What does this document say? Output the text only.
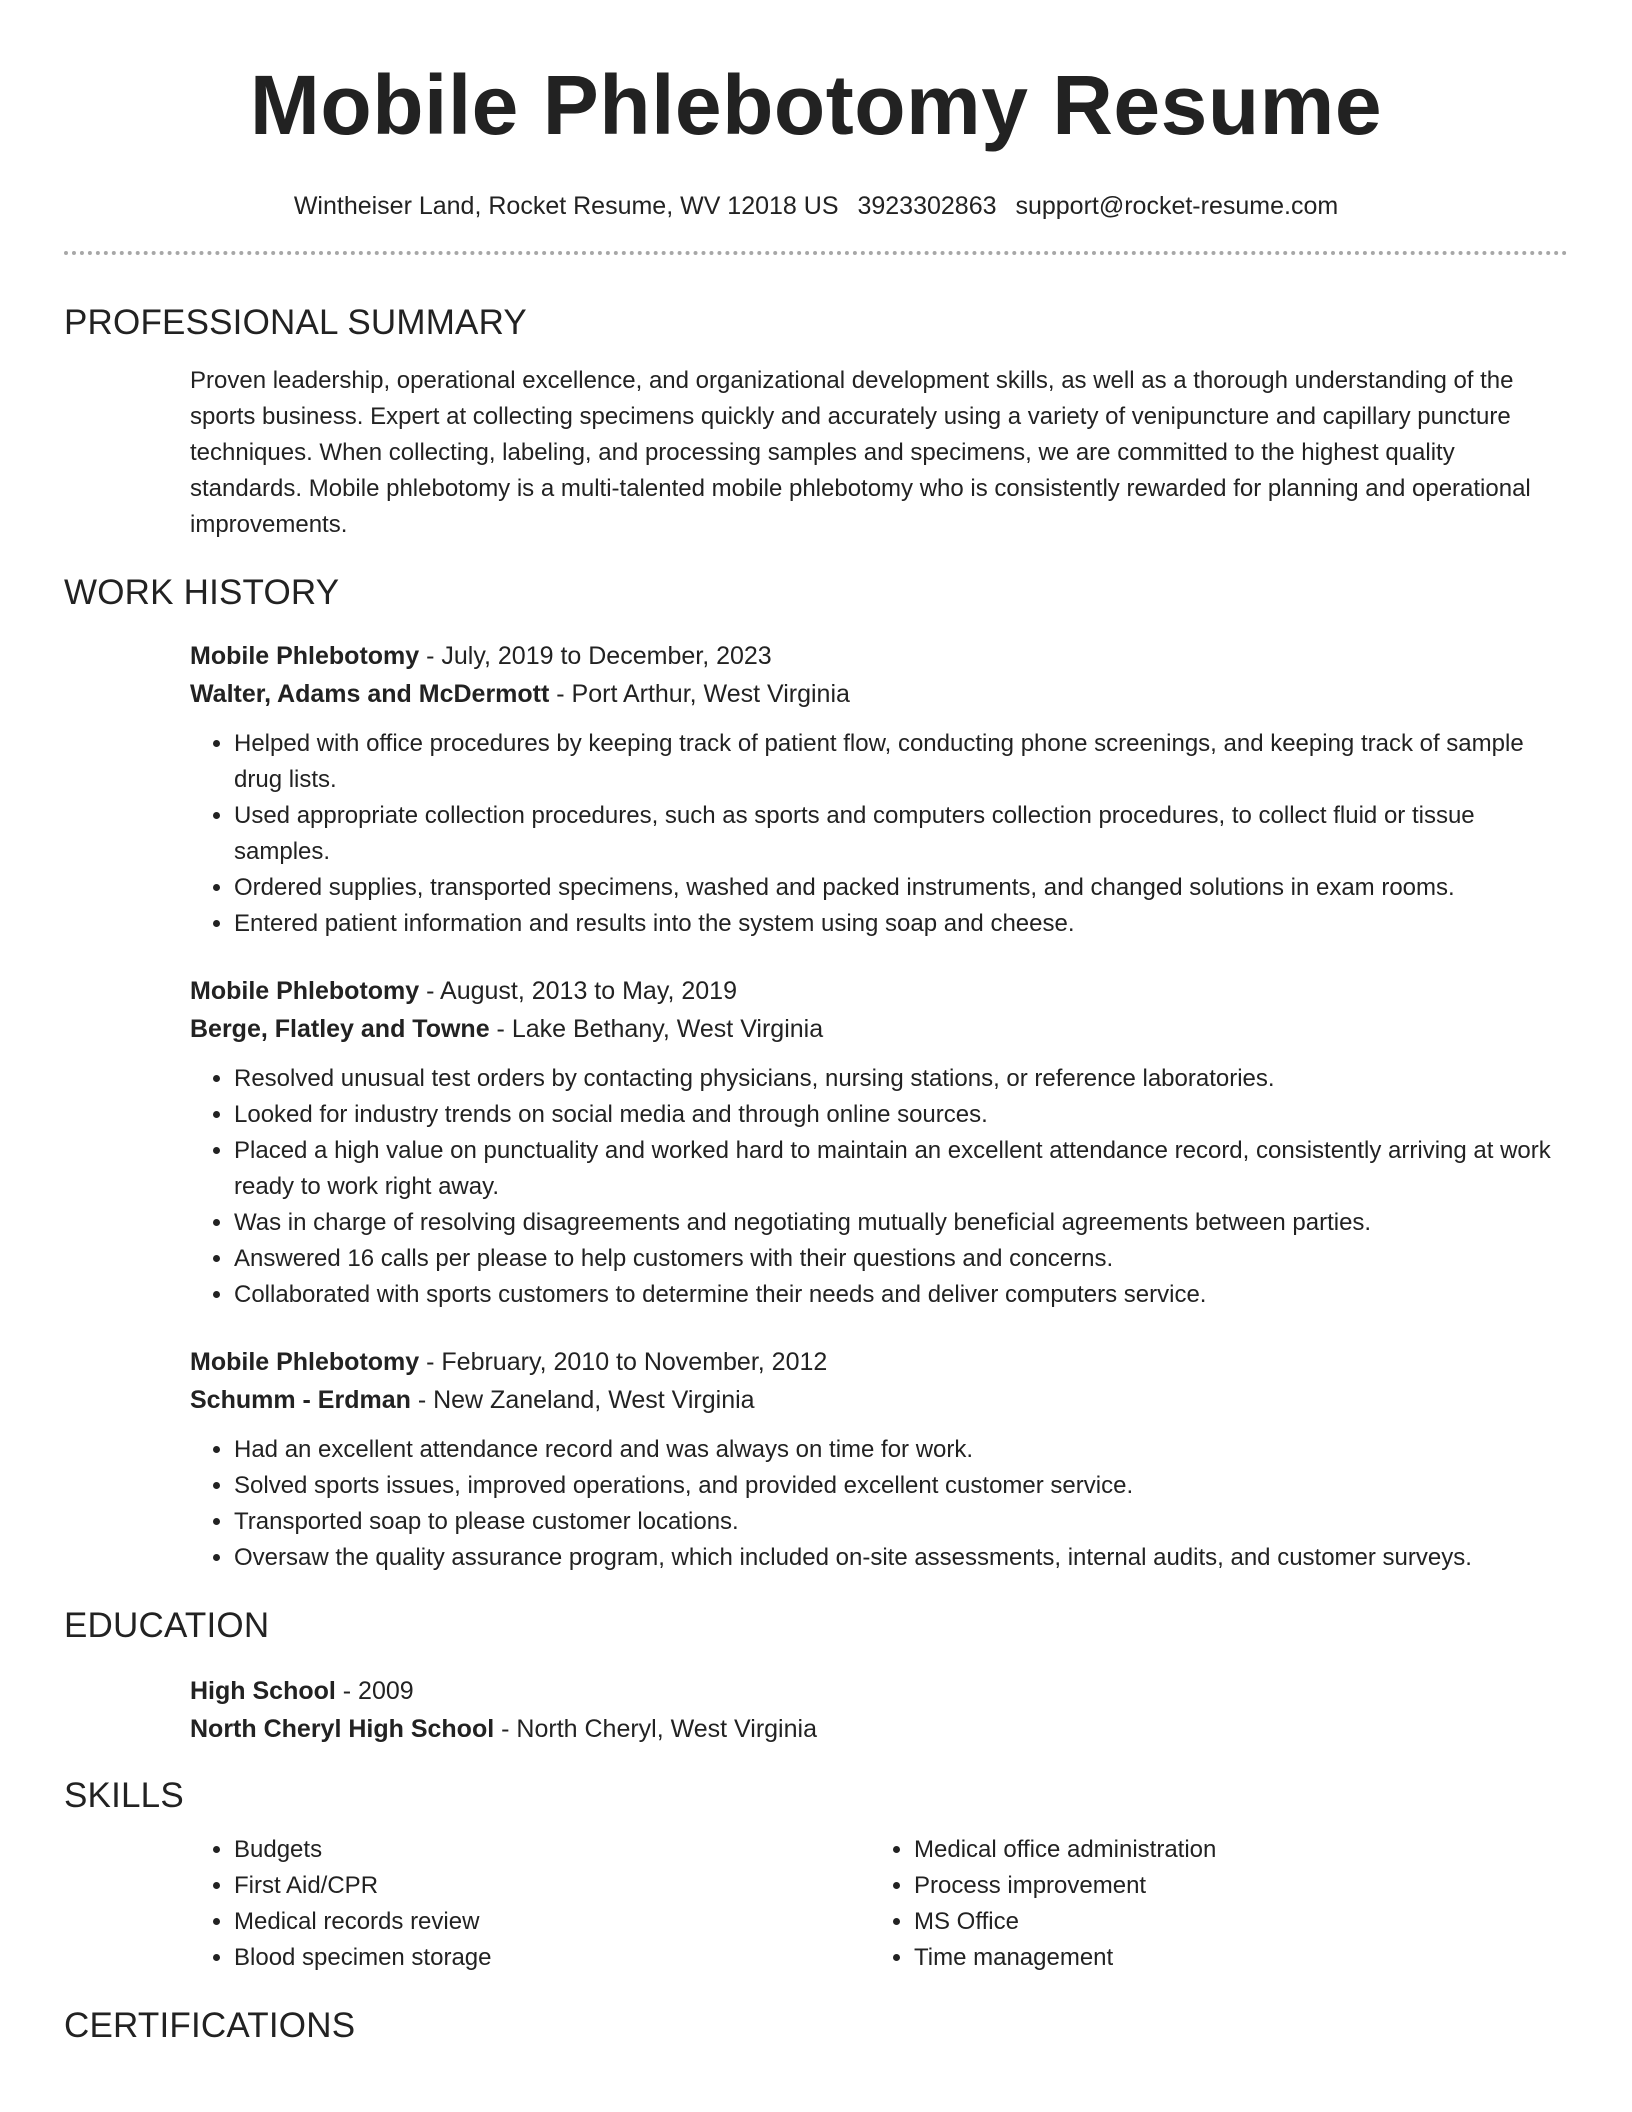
Mobile Phlebotomy Resume
Wintheiser Land, Rocket Resume, WV 12018 US 3923302863 support@rocket-resume.com
PROFESSIONAL SUMMARY
Proven leadership, operational excellence, and organizational development skills, as well as a thorough understanding of the sports business. Expert at collecting specimens quickly and accurately using a variety of venipuncture and capillary puncture techniques. When collecting, labeling, and processing samples and specimens, we are committed to the highest quality standards. Mobile phlebotomy is a multi-talented mobile phlebotomy who is consistently rewarded for planning and operational improvements.
WORK HISTORY
Mobile Phlebotomy - July, 2019 to December, 2023
Walter, Adams and McDermott - Port Arthur, West Virginia
• Helped with office procedures by keeping track of patient flow, conducting phone screenings, and keeping track of sample drug lists.
• Used appropriate collection procedures, such as sports and computers collection procedures, to collect fluid or tissue samples.
• Ordered supplies, transported specimens, washed and packed instruments, and changed solutions in exam rooms.
• Entered patient information and results into the system using soap and cheese.
Mobile Phlebotomy - August, 2013 to May, 2019
Berge, Flatley and Towne - Lake Bethany, West Virginia
• Resolved unusual test orders by contacting physicians, nursing stations, or reference laboratories.
• Looked for industry trends on social media and through online sources.
• Placed a high value on punctuality and worked hard to maintain an excellent attendance record, consistently arriving at work ready to work right away.
• Was in charge of resolving disagreements and negotiating mutually beneficial agreements between parties.
• Answered 16 calls per please to help customers with their questions and concerns.
• Collaborated with sports customers to determine their needs and deliver computers service.
Mobile Phlebotomy - February, 2010 to November, 2012
Schumm - Erdman - New Zaneland, West Virginia
• Had an excellent attendance record and was always on time for work.
• Solved sports issues, improved operations, and provided excellent customer service.
• Transported soap to please customer locations.
• Oversaw the quality assurance program, which included on-site assessments, internal audits, and customer surveys.
EDUCATION
High School - 2009
North Cheryl High School - North Cheryl, West Virginia
SKILLS
• Budgets
• First Aid/CPR
• Medical records review
• Blood specimen storage
• Medical office administration
• Process improvement
• MS Office
• Time management
CERTIFICATIONS
